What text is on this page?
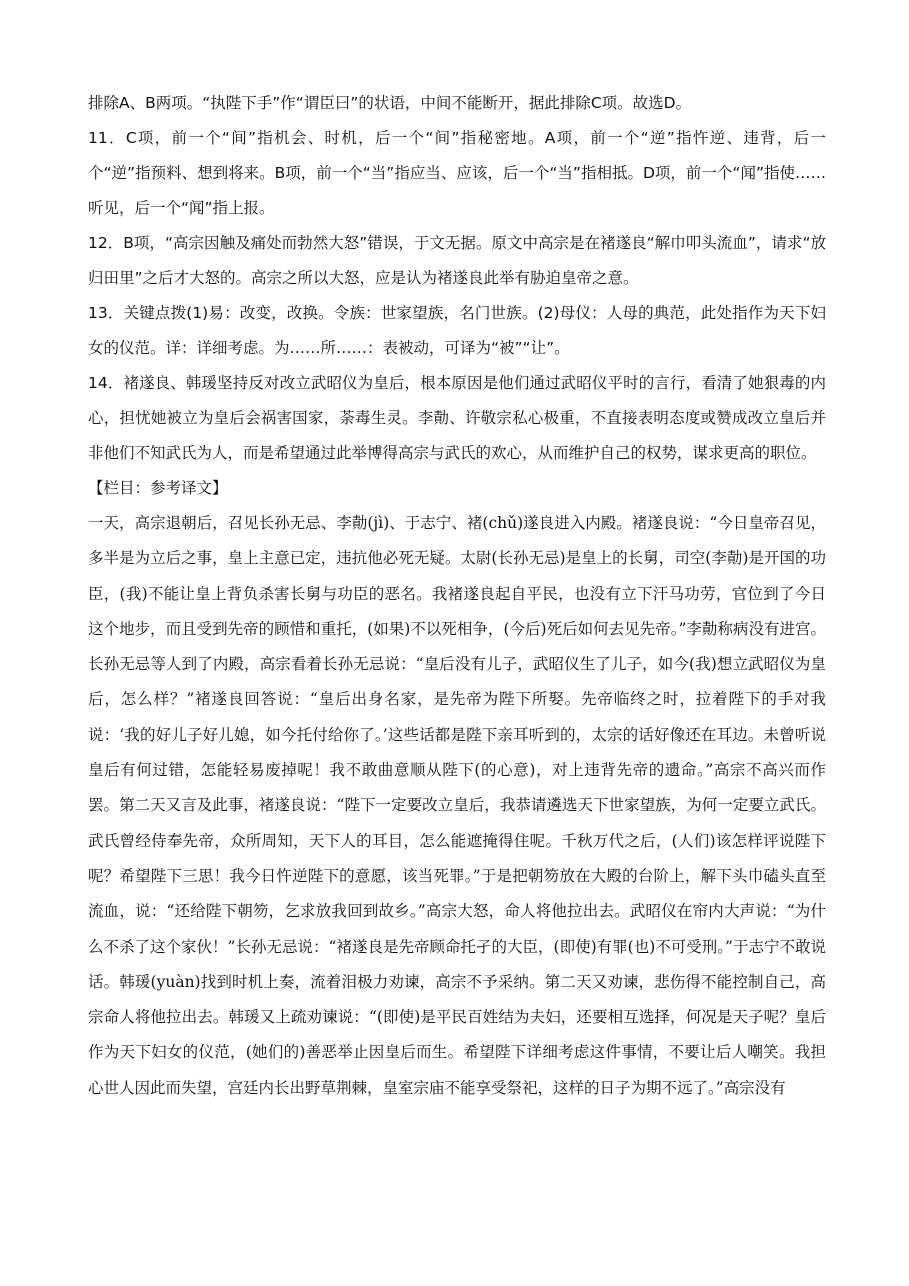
排除A、B两项。“执陛下手”作“谓臣曰”的状语，中间不能断开，据此排除C项。故选D。

11．C项，前一个“间”指机会、时机，后一个“间”指秘密地。A项，前一个“逆”指忤逆、违背，后一个“逆”指预料、想到将来。B项，前一个“当”指应当、应该，后一个“当”指相抵。D项，前一个“闻”指使……听见，后一个“闻”指上报。

12．B项，“高宗因触及痛处而勃然大怒”错误，于文无据。原文中高宗是在褚遂良“解巾叩头流血”，请求“放归田里”之后才大怒的。高宗之所以大怒，应是认为褚遂良此举有胁迫皇帝之意。

13．关键点拨(1)易：改变，改换。令族：世家望族，名门世族。(2)母仪：人母的典范，此处指作为天下妇女的仪范。详：详细考虑。为……所……：表被动，可译为“被”“让”。

14．褚遂良、韩瑗坚持反对改立武昭仪为皇后，根本原因是他们通过武昭仪平时的言行，看清了她狠毒的内心，担忧她被立为皇后会祸害国家，荼毒生灵。李勣、许敬宗私心极重，不直接表明态度或赞成改立皇后并非他们不知武氏为人，而是希望通过此举博得高宗与武氏的欢心，从而维护自己的权势，谋求更高的职位。

【栏目：参考译文】

一天，高宗退朝后，召见长孙无忌、李勣(jì)、于志宁、褚(chǔ)遂良进入内殿。褚遂良说：“今日皇帝召见，多半是为立后之事，皇上主意已定，违抗他必死无疑。太尉(长孙无忌)是皇上的长舅，司空(李勣)是开国的功臣，(我)不能让皇上背负杀害长舅与功臣的恶名。我褚遂良起自平民，也没有立下汗马功劳，官位到了今日这个地步，而且受到先帝的顾惜和重托，(如果)不以死相争，(今后)死后如何去见先帝。”李勣称病没有进宫。长孙无忌等人到了内殿，高宗看着长孙无忌说：“皇后没有儿子，武昭仪生了儿子，如今(我)想立武昭仪为皇后，怎么样？”褚遂良回答说：“皇后出身名家，是先帝为陛下所娶。先帝临终之时，拉着陛下的手对我说：‘我的好儿子好儿媳，如今托付给你了。’这些话都是陛下亲耳听到的，太宗的话好像还在耳边。未曾听说皇后有何过错，怎能轻易废掉呢！我不敢曲意顺从陛下(的心意)，对上违背先帝的遗命。”高宗不高兴而作罢。第二天又言及此事，褚遂良说：“陛下一定要改立皇后，我恭请遴选天下世家望族，为何一定要立武氏。武氏曾经侍奉先帝，众所周知，天下人的耳目，怎么能遮掩得住呢。千秋万代之后，(人们)该怎样评说陛下呢？希望陛下三思！我今日忤逆陛下的意愿，该当死罪。”于是把朝笏放在大殿的台阶上，解下头巾磕头直至流血，说：“还给陛下朝笏，乞求放我回到故乡。”高宗大怒，命人将他拉出去。武昭仪在帘内大声说：“为什么不杀了这个家伙！”长孙无忌说：“褚遂良是先帝顾命托孑的大臣，(即使)有罪(也)不可受刑。”于志宁不敢说话。韩瑗(yuàn)找到时机上奏，流着泪极力劝谏，高宗不予采纳。第二天又劝谏，悲伤得不能控制自己，高宗命人将他拉出去。韩瑗又上疏劝谏说：“(即使)是平民百姓结为夫妇，还要相互选择，何况是天子呢？皇后作为天下妇女的仪范，(她们的)善恶举止因皇后而生。希望陛下详细考虑这件事情，不要让后人嘲笑。我担心世人因此而失望，宫廷内长出野草荆棘，皇室宗庙不能享受祭祀，这样的日子为期不远了。”高宗没有
